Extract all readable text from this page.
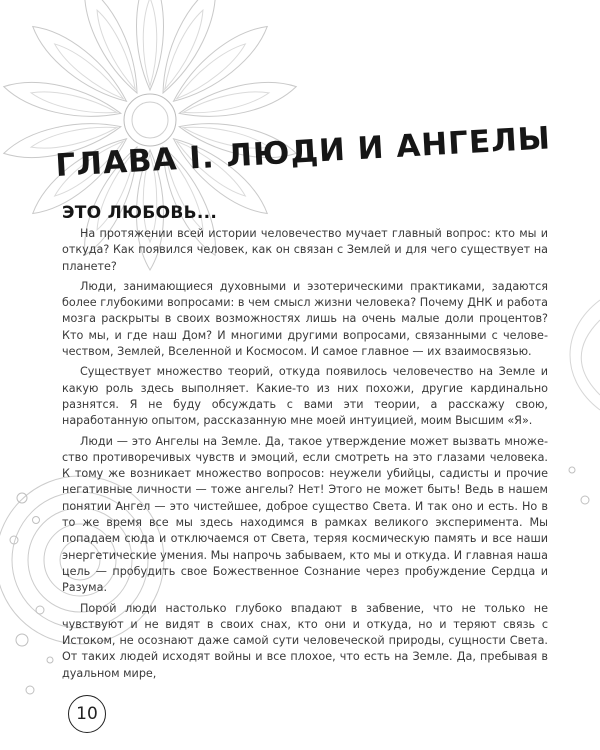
ГЛАВА I. ЛЮДИ И АНГЕЛЫ
ЭТО ЛЮБОВЬ...

На протяжении всей истории человечество мучает главный вопрос: кто мы и откуда? Как появился человек, как он связан с Землей и для чего существует на планете?

Люди, занимающиеся духовными и эзотерическими практиками, задаются более глубокими вопросами: в чем смысл жизни человека? Почему ДНК и работа мозга раскрыты в своих возможностях лишь на очень малые доли процентов? Кто мы, и где наш Дом? И многими другими вопросами, связанными с человечеством, Землей, Вселенной и Космосом. И самое главное — их взаимосвязью.

Существует множество теорий, откуда появилось человечество на Земле и какую роль здесь выполняет. Какие-то из них похожи, другие кардинально разнятся. Я не буду обсуждать с вами эти теории, а расскажу свою, наработанную опытом, рассказанную мне моей интуицией, моим Высшим «Я».

Люди — это Ангелы на Земле. Да, такое утверждение может вызвать множество противоречивых чувств и эмоций, если смотреть на это глазами человека. К тому же возникает множество вопросов: неужели убийцы, садисты и прочие негативные личности — тоже ангелы? Нет! Этого не может быть! Ведь в нашем понятии Ангел — это чистейшее, доброе существо Света. И так оно и есть. Но в то же время все мы здесь находимся в рамках великого эксперимента. Мы попадаем сюда и отключаемся от Света, теряя космическую память и все наши энергетические умения. Мы напрочь забываем, кто мы и откуда. И главная наша цель — пробудить свое Божественное Сознание через пробуждение Сердца и Разума.

Порой люди настолько глубоко впадают в забвение, что не только не чувствуют и не видят в своих снах, кто они и откуда, но и теряют связь с Истоком, не осознают даже самой сути человеческой природы, сущности Света. От таких людей исходят войны и все плохое, что есть на Земле. Да, пребывая в дуальном мире,

10
